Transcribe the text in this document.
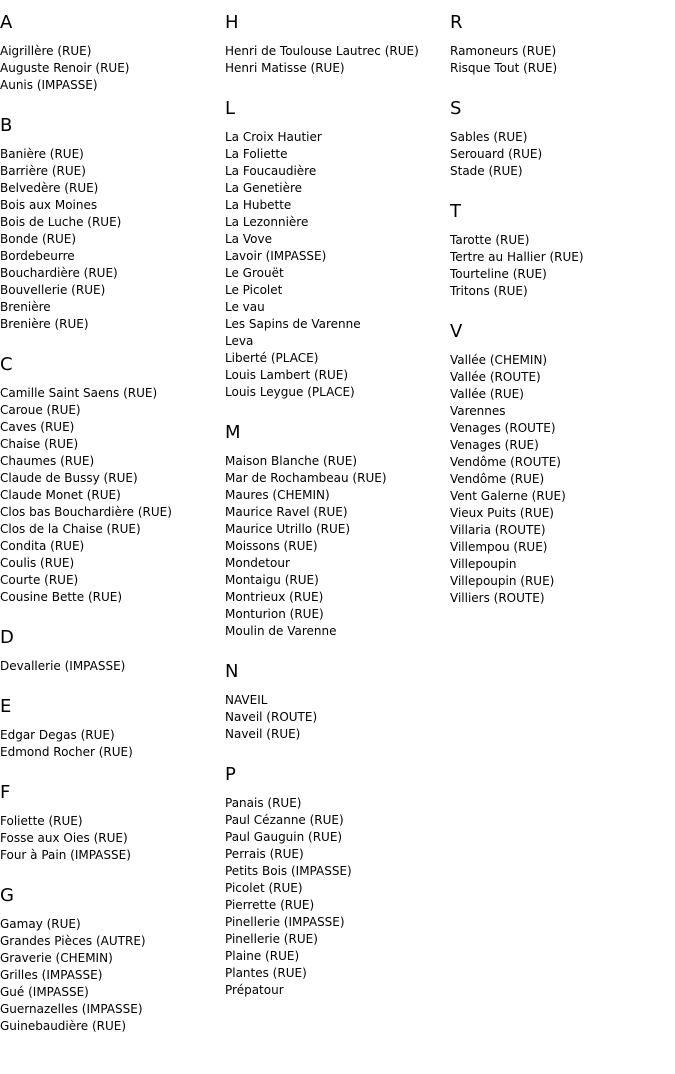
A
Aigrillère (RUE)
Auguste Renoir (RUE)
Aunis (IMPASSE)
B
Banière (RUE)
Barrière (RUE)
Belvedère (RUE)
Bois aux Moines
Bois de Luche (RUE)
Bonde (RUE)
Bordebeurre
Bouchardière (RUE)
Bouvellerie (RUE)
Brenière
Brenière (RUE)
C
Camille Saint Saens (RUE)
Caroue (RUE)
Caves (RUE)
Chaise (RUE)
Chaumes (RUE)
Claude de Bussy (RUE)
Claude Monet (RUE)
Clos bas Bouchardière (RUE)
Clos de la Chaise (RUE)
Condita (RUE)
Coulis (RUE)
Courte (RUE)
Cousine Bette (RUE)
D
Devallerie (IMPASSE)
E
Edgar Degas (RUE)
Edmond Rocher (RUE)
F
Foliette (RUE)
Fosse aux Oies (RUE)
Four à Pain (IMPASSE)
G
Gamay (RUE)
Grandes Pièces (AUTRE)
Graverie (CHEMIN)
Grilles (IMPASSE)
Gué (IMPASSE)
Guernazelles (IMPASSE)
Guinebaudière (RUE)
H
Henri de Toulouse Lautrec (RUE)
Henri Matisse (RUE)
L
La Croix Hautier
La Foliette
La Foucaudière
La Genetière
La Hubette
La Lezonnière
La Vove
Lavoir (IMPASSE)
Le Grouët
Le Picolet
Le vau
Les Sapins de Varenne
Leva
Liberté (PLACE)
Louis Lambert (RUE)
Louis Leygue (PLACE)
M
Maison Blanche (RUE)
Mar de Rochambeau (RUE)
Maures (CHEMIN)
Maurice Ravel (RUE)
Maurice Utrillo (RUE)
Moissons (RUE)
Mondetour
Montaigu (RUE)
Montrieux (RUE)
Monturion (RUE)
Moulin de Varenne
N
NAVEIL
Naveil (ROUTE)
Naveil (RUE)
P
Panais (RUE)
Paul Cézanne (RUE)
Paul Gauguin (RUE)
Perrais (RUE)
Petits Bois (IMPASSE)
Picolet (RUE)
Pierrette (RUE)
Pinellerie (IMPASSE)
Pinellerie (RUE)
Plaine (RUE)
Plantes (RUE)
Prépatour
R
Ramoneurs (RUE)
Risque Tout (RUE)
S
Sables (RUE)
Serouard (RUE)
Stade (RUE)
T
Tarotte (RUE)
Tertre au Hallier (RUE)
Tourteline (RUE)
Tritons (RUE)
V
Vallée (CHEMIN)
Vallée (ROUTE)
Vallée (RUE)
Varennes
Venages (ROUTE)
Venages (RUE)
Vendôme (ROUTE)
Vendôme (RUE)
Vent Galerne (RUE)
Vieux Puits (RUE)
Villaria (ROUTE)
Villempou (RUE)
Villepoupin
Villepoupin (RUE)
Villiers (ROUTE)
